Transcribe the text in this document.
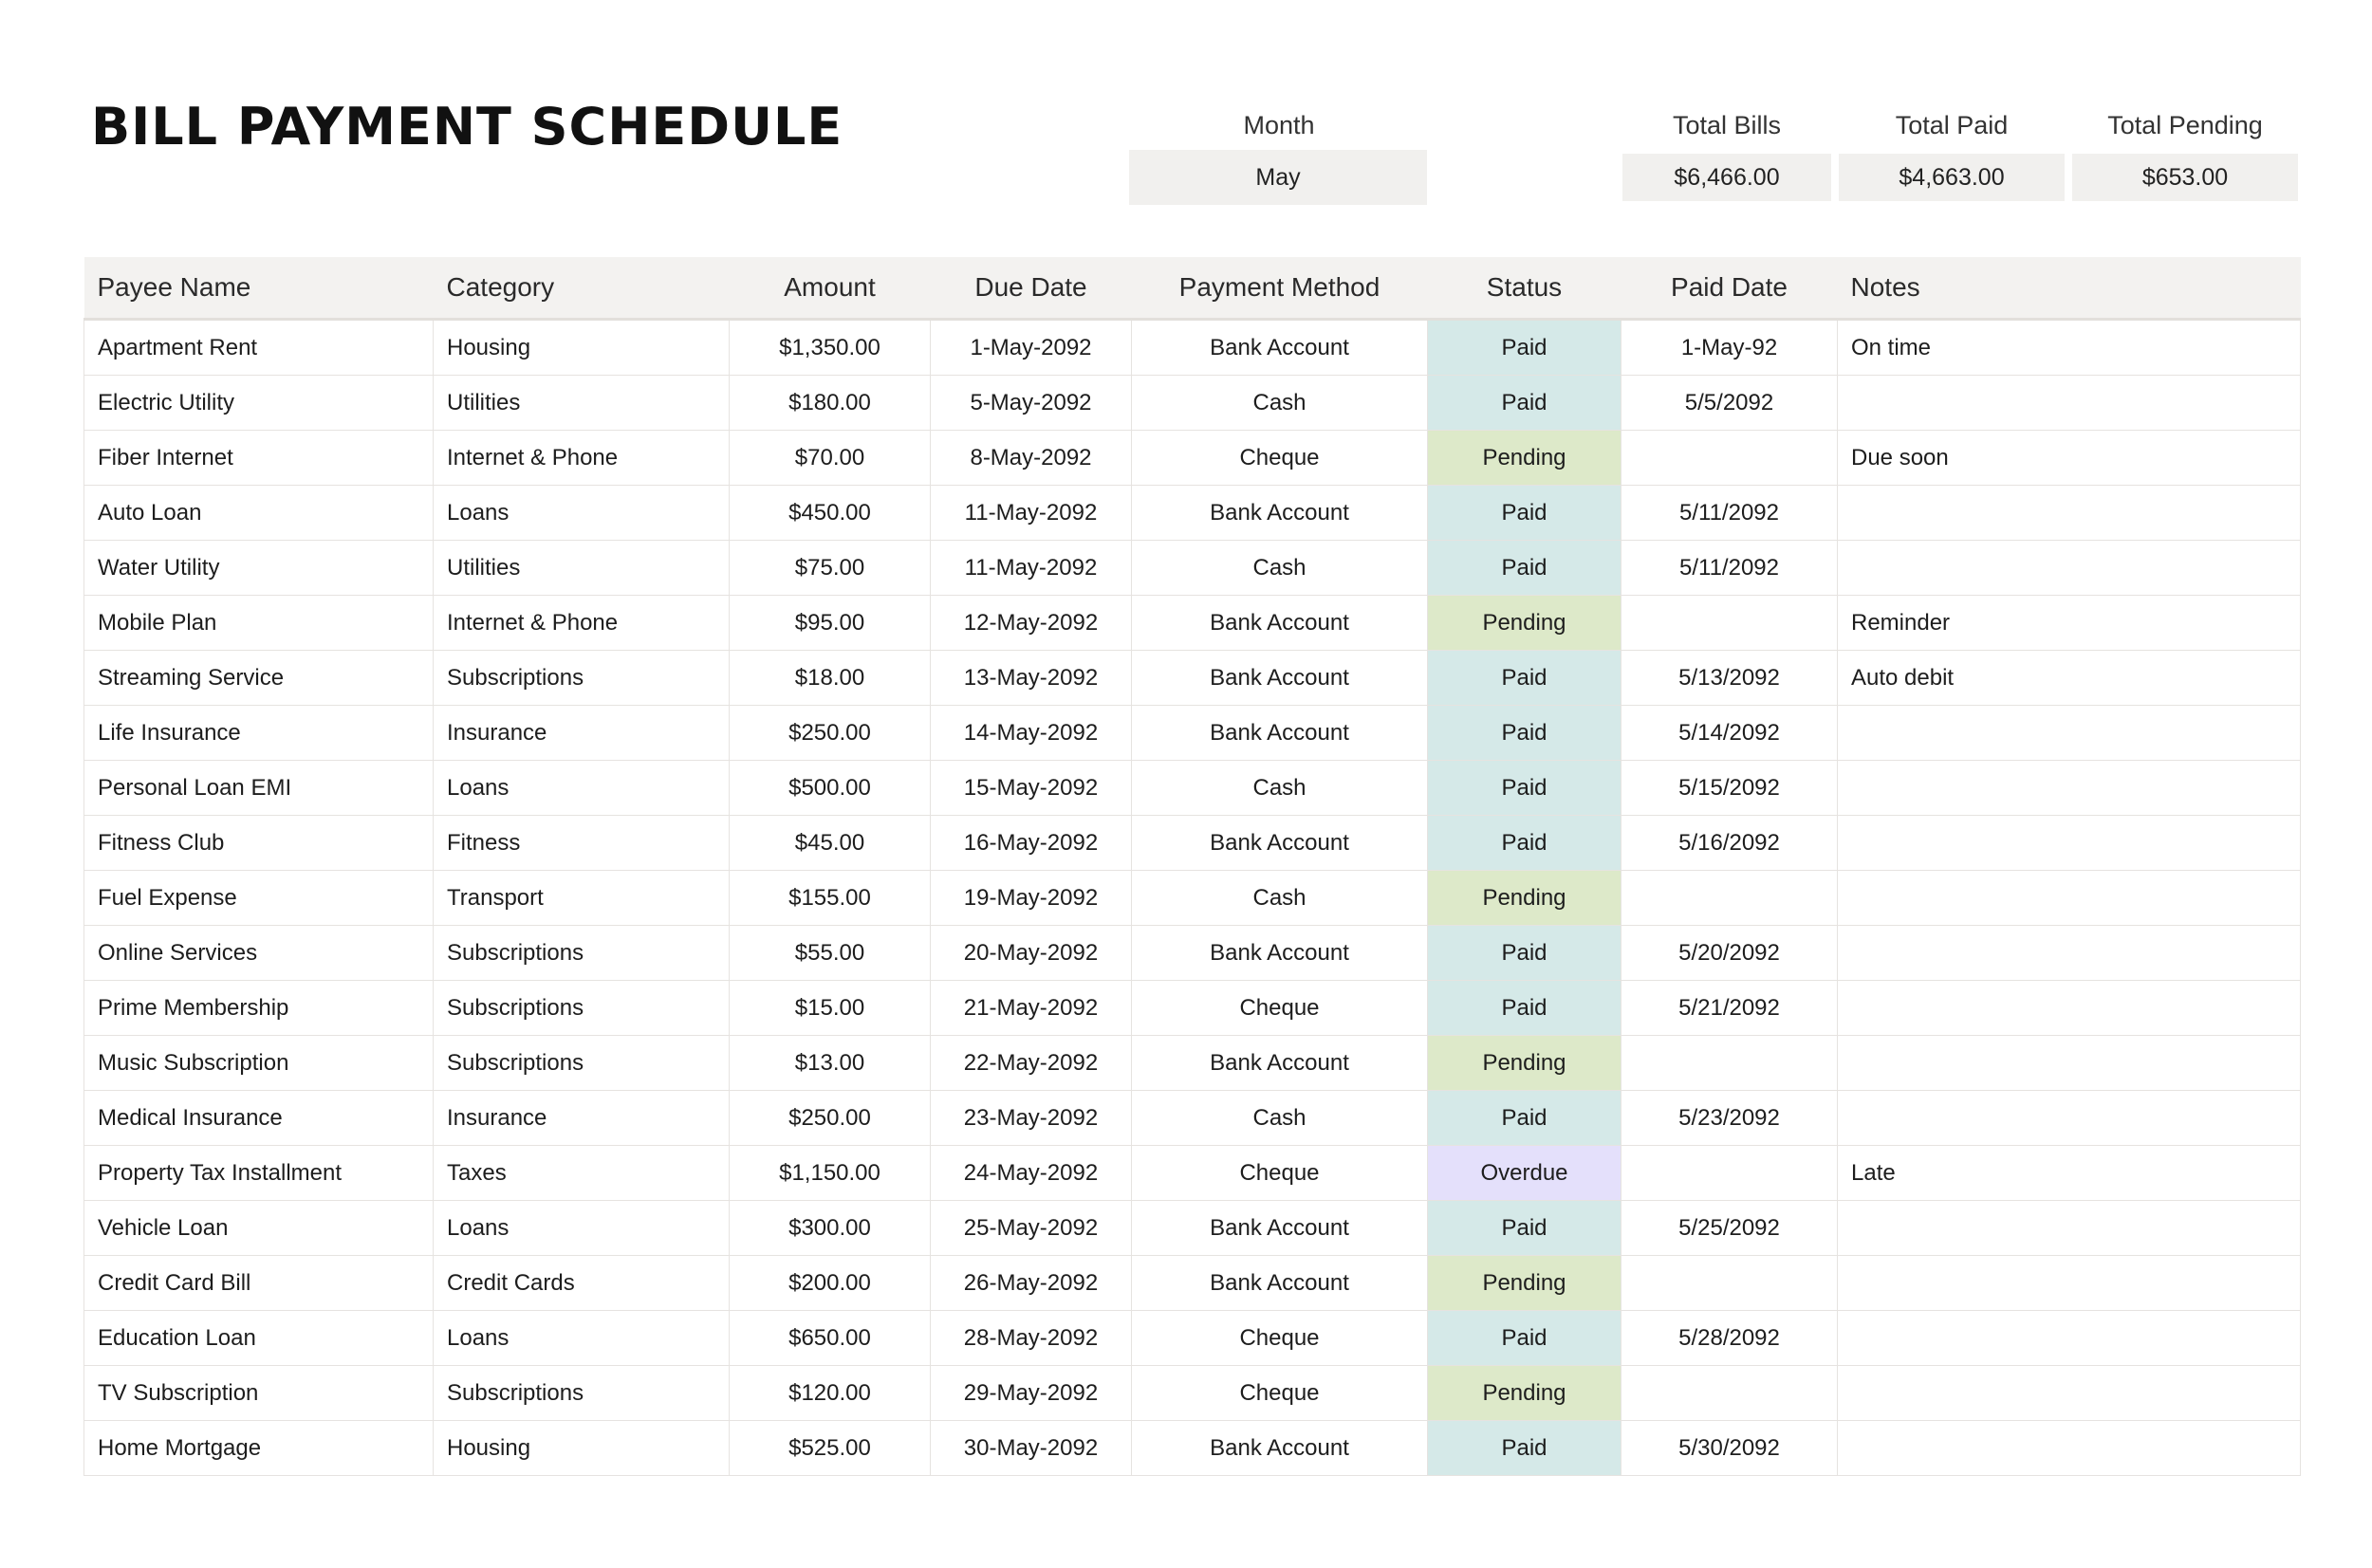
BILL PAYMENT SCHEDULE	Month
May
Total Bills
$6,466.00
Total Paid
$4,663.00
Total Pending
$653.00
Payee Name	Category	Amount	Due Date	Payment Method	Status	Paid Date	Notes
Apartment Rent	Housing	$1,350.00	1-May-2092	Bank Account	Paid	1-May-92	On time
Electric Utility	Utilities	$180.00	5-May-2092	Cash	Paid	5/5/2092	
Fiber Internet	Internet & Phone	$70.00	8-May-2092	Cheque	Pending		Due soon
Auto Loan	Loans	$450.00	11-May-2092	Bank Account	Paid	5/11/2092	
Water Utility	Utilities	$75.00	11-May-2092	Cash	Paid	5/11/2092	
Mobile Plan	Internet & Phone	$95.00	12-May-2092	Bank Account	Pending		Reminder
Streaming Service	Subscriptions	$18.00	13-May-2092	Bank Account	Paid	5/13/2092	Auto debit
Life Insurance	Insurance	$250.00	14-May-2092	Bank Account	Paid	5/14/2092	
Personal Loan EMI	Loans	$500.00	15-May-2092	Cash	Paid	5/15/2092	
Fitness Club	Fitness	$45.00	16-May-2092	Bank Account	Paid	5/16/2092	
Fuel Expense	Transport	$155.00	19-May-2092	Cash	Pending		
Online Services	Subscriptions	$55.00	20-May-2092	Bank Account	Paid	5/20/2092	
Prime Membership	Subscriptions	$15.00	21-May-2092	Cheque	Paid	5/21/2092	
Music Subscription	Subscriptions	$13.00	22-May-2092	Bank Account	Pending		
Medical Insurance	Insurance	$250.00	23-May-2092	Cash	Paid	5/23/2092	
Property Tax Installment	Taxes	$1,150.00	24-May-2092	Cheque	Overdue		Late
Vehicle Loan	Loans	$300.00	25-May-2092	Bank Account	Paid	5/25/2092	
Credit Card Bill	Credit Cards	$200.00	26-May-2092	Bank Account	Pending		
Education Loan	Loans	$650.00	28-May-2092	Cheque	Paid	5/28/2092	
TV Subscription	Subscriptions	$120.00	29-May-2092	Cheque	Pending		
Home Mortgage	Housing	$525.00	30-May-2092	Bank Account	Paid	5/30/2092	
